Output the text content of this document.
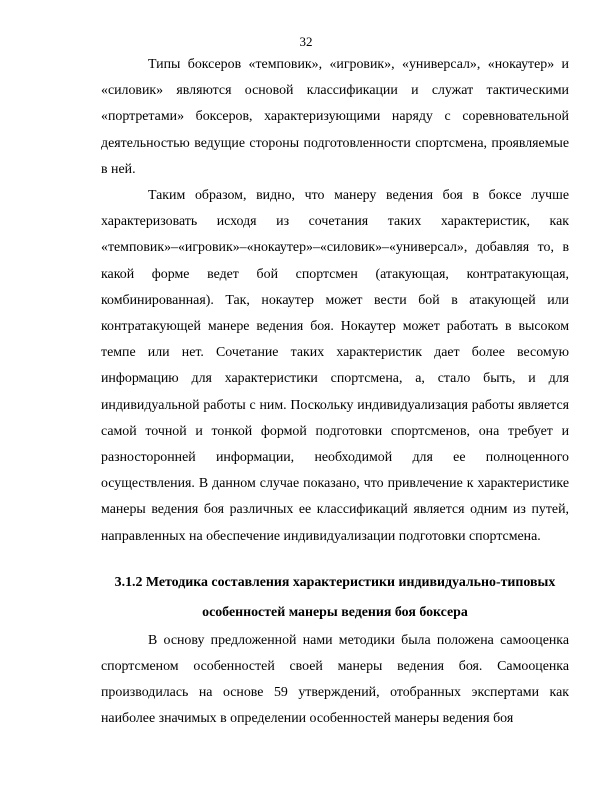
32

Типы боксеров «темповик», «игровик», «универсал», «нокаутер» и «силовик» являются основой классификации и служат тактическими «портретами» боксеров, характеризующими наряду с соревновательной деятельностью ведущие стороны подготовленности спортсмена, проявляемые в ней.

Таким образом, видно, что манеру ведения боя в боксе лучше характеризовать исходя из сочетания таких характеристик, как «темповик»–«игровик»–«нокаутер»–«силовик»–«универсал», добавляя то, в какой форме ведет бой спортсмен (атакующая, контратакующая, комбинированная). Так, нокаутер может вести бой в атакующей или контратакующей манере ведения боя. Нокаутер может работать в высоком темпе или нет. Сочетание таких характеристик дает более весомую информацию для характеристики спортсмена, а, стало быть, и для индивидуальной работы с ним. Поскольку индивидуализация работы является самой точной и тонкой формой подготовки спортсменов, она требует и разносторонней информации, необходимой для ее полноценного осуществления. В данном случае показано, что привлечение к характеристике манеры ведения боя различных ее классификаций является одним из путей, направленных на обеспечение индивидуализации подготовки спортсмена.

3.1.2 Методика составления характеристики индивидуально-типовых
особенностей манеры ведения боя боксера

В основу предложенной нами методики была положена самооценка спортсменом особенностей своей манеры ведения боя. Самооценка производилась на основе 59 утверждений, отобранных экспертами как наиболее значимых в определении особенностей манеры ведения боя
